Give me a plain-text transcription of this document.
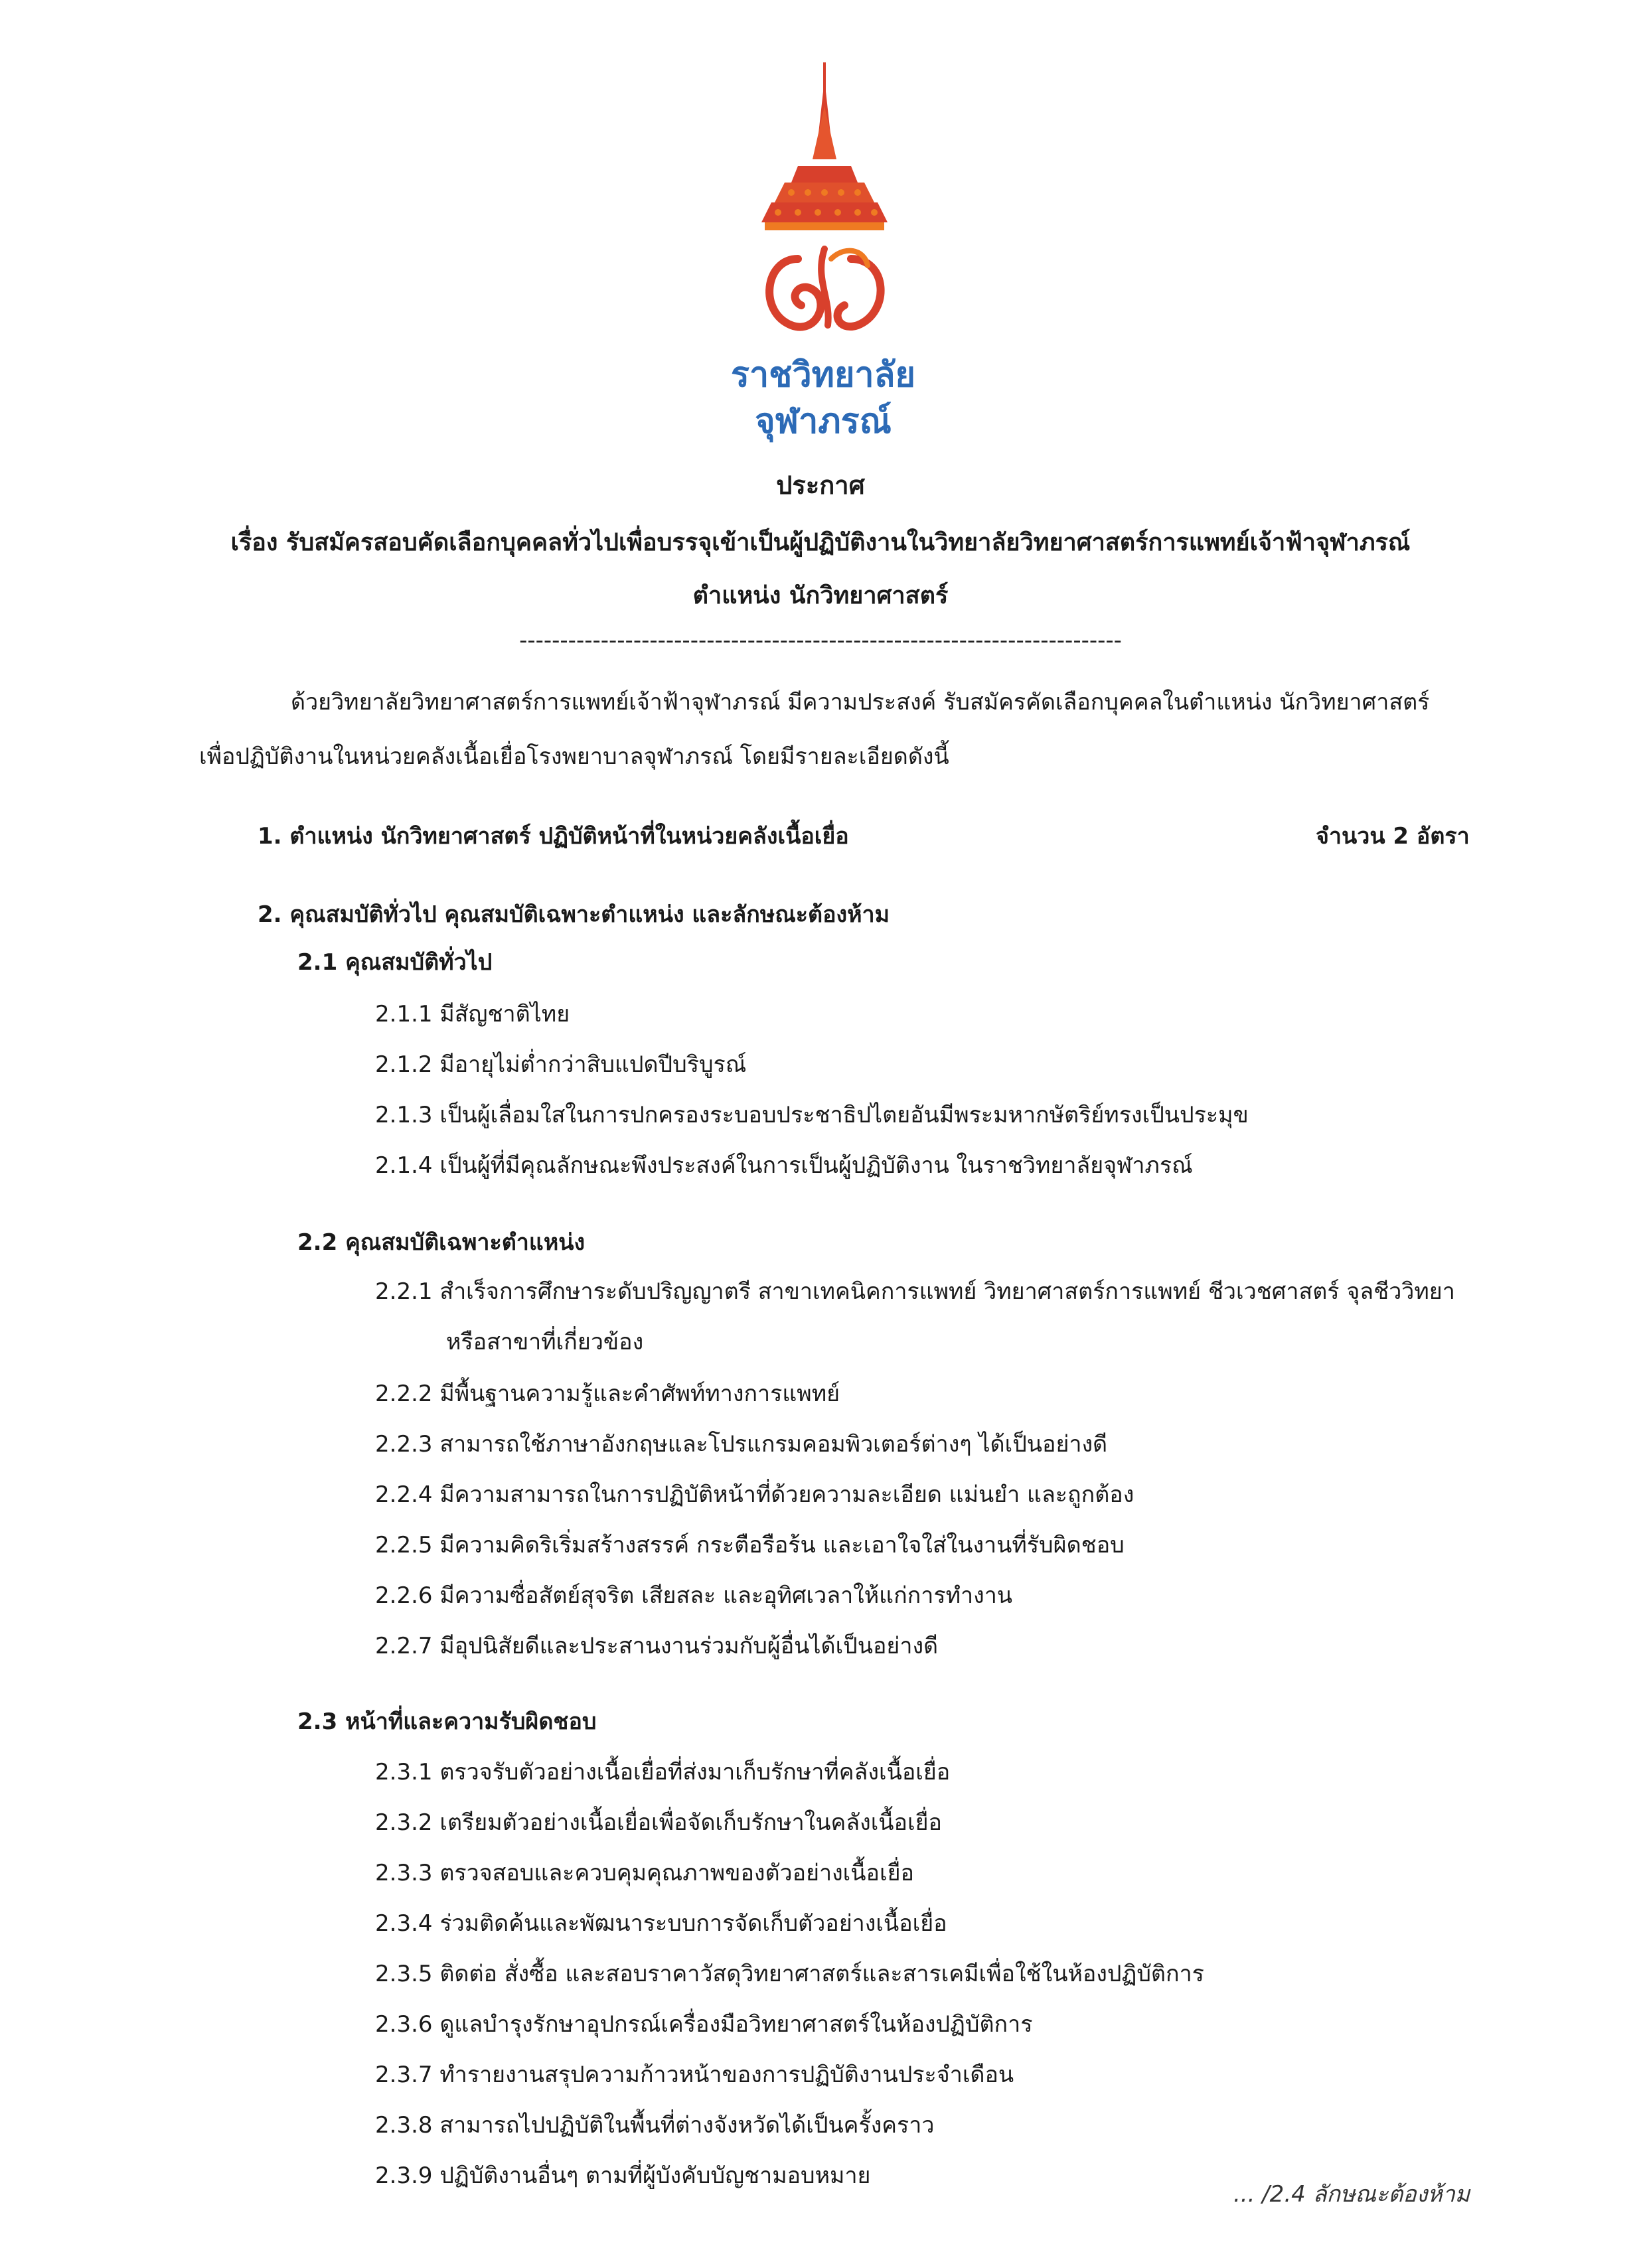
ราชวิทยาลัย
จุฬาภรณ์
ประกาศ
เรื่อง รับสมัครสอบคัดเลือกบุคคลทั่วไปเพื่อบรรจุเข้าเป็นผู้ปฏิบัติงานในวิทยาลัยวิทยาศาสตร์การแพทย์เจ้าฟ้าจุฬาภรณ์
ตำแหน่ง นักวิทยาศาสตร์
--------------------------------------------------------------------------
ด้วยวิทยาลัยวิทยาศาสตร์การแพทย์เจ้าฟ้าจุฬาภรณ์ มีความประสงค์ รับสมัครคัดเลือกบุคคลในตำแหน่ง นักวิทยาศาสตร์
เพื่อปฏิบัติงานในหน่วยคลังเนื้อเยื่อโรงพยาบาลจุฬาภรณ์ โดยมีรายละเอียดดังนี้
1. ตำแหน่ง นักวิทยาศาสตร์ ปฏิบัติหน้าที่ในหน่วยคลังเนื้อเยื่อ	จำนวน 2 อัตรา
2. คุณสมบัติทั่วไป คุณสมบัติเฉพาะตำแหน่ง และลักษณะต้องห้าม
2.1 คุณสมบัติทั่วไป
2.1.1 มีสัญชาติไทย
2.1.2 มีอายุไม่ต่ำกว่าสิบแปดปีบริบูรณ์
2.1.3 เป็นผู้เลื่อมใสในการปกครองระบอบประชาธิปไตยอันมีพระมหากษัตริย์ทรงเป็นประมุข
2.1.4 เป็นผู้ที่มีคุณลักษณะพึงประสงค์ในการเป็นผู้ปฏิบัติงาน ในราชวิทยาลัยจุฬาภรณ์
2.2 คุณสมบัติเฉพาะตำแหน่ง
2.2.1 สำเร็จการศึกษาระดับปริญญาตรี สาขาเทคนิคการแพทย์ วิทยาศาสตร์การแพทย์ ชีวเวชศาสตร์ จุลชีววิทยา
หรือสาขาที่เกี่ยวข้อง
2.2.2 มีพื้นฐานความรู้และคำศัพท์ทางการแพทย์
2.2.3 สามารถใช้ภาษาอังกฤษและโปรแกรมคอมพิวเตอร์ต่างๆ ได้เป็นอย่างดี
2.2.4 มีความสามารถในการปฏิบัติหน้าที่ด้วยความละเอียด แม่นยำ และถูกต้อง
2.2.5 มีความคิดริเริ่มสร้างสรรค์ กระตือรือร้น และเอาใจใส่ในงานที่รับผิดชอบ
2.2.6 มีความซื่อสัตย์สุจริต เสียสละ และอุทิศเวลาให้แก่การทำงาน
2.2.7 มีอุปนิสัยดีและประสานงานร่วมกับผู้อื่นได้เป็นอย่างดี
2.3 หน้าที่และความรับผิดชอบ
2.3.1 ตรวจรับตัวอย่างเนื้อเยื่อที่ส่งมาเก็บรักษาที่คลังเนื้อเยื่อ
2.3.2 เตรียมตัวอย่างเนื้อเยื่อเพื่อจัดเก็บรักษาในคลังเนื้อเยื่อ
2.3.3 ตรวจสอบและควบคุมคุณภาพของตัวอย่างเนื้อเยื่อ
2.3.4 ร่วมติดค้นและพัฒนาระบบการจัดเก็บตัวอย่างเนื้อเยื่อ
2.3.5 ติดต่อ สั่งซื้อ และสอบราคาวัสดุวิทยาศาสตร์และสารเคมีเพื่อใช้ในห้องปฏิบัติการ
2.3.6 ดูแลบำรุงรักษาอุปกรณ์เครื่องมือวิทยาศาสตร์ในห้องปฏิบัติการ
2.3.7 ทำรายงานสรุปความก้าวหน้าของการปฏิบัติงานประจำเดือน
2.3.8 สามารถไปปฏิบัติในพื้นที่ต่างจังหวัดได้เป็นครั้งคราว
2.3.9 ปฏิบัติงานอื่นๆ ตามที่ผู้บังคับบัญชามอบหมาย
... /2.4 ลักษณะต้องห้าม
